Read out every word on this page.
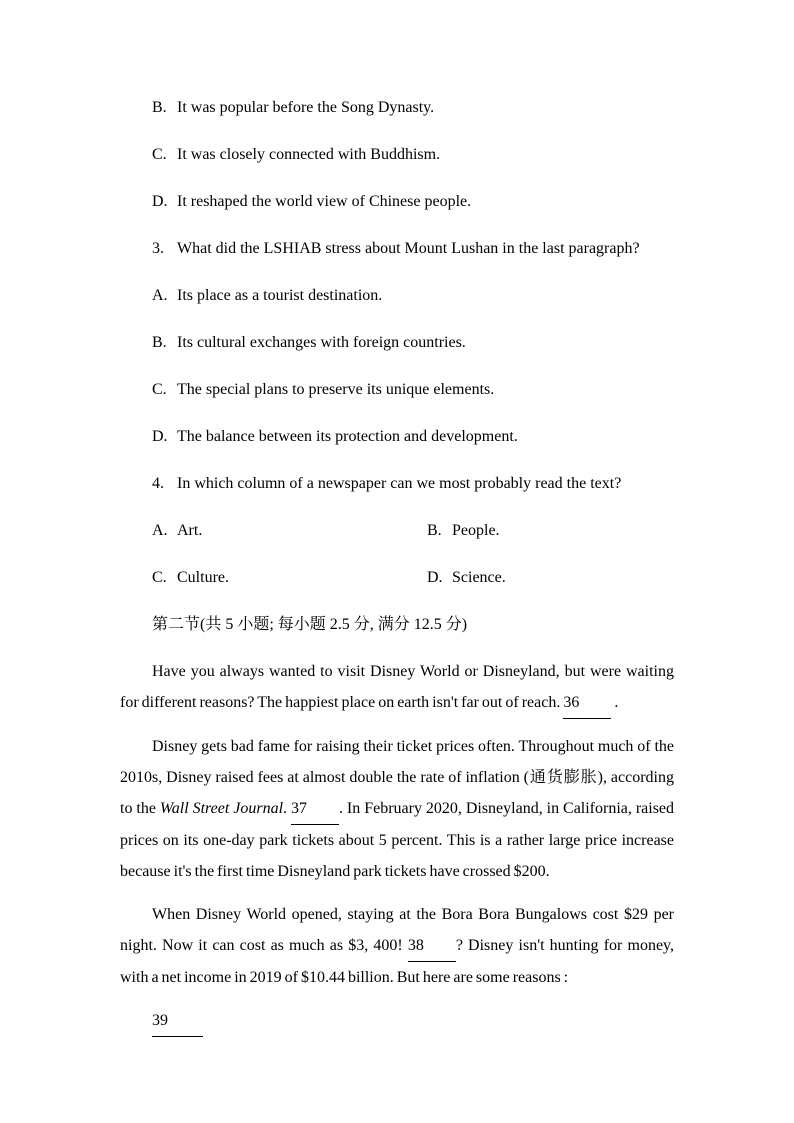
B. It was popular before the Song Dynasty.
C. It was closely connected with Buddhism.
D. It reshaped the world view of Chinese people.
3. What did the LSHIAB stress about Mount Lushan in the last paragraph?
A. Its place as a tourist destination.
B. Its cultural exchanges with foreign countries.
C. The special plans to preserve its unique elements.
D. The balance between its protection and development.
4. In which column of a newspaper can we most probably read the text?
A. Art.	B. People.
C. Culture.	D. Science.
第二节(共 5 小题; 每小题 2.5 分, 满分 12.5 分)
Have you always wanted to visit Disney World or Disneyland, but were waiting
for different reasons? The happiest place on earth isn't far out of reach. 36 .
Disney gets bad fame for raising their ticket prices often. Throughout much of the
2010s, Disney raised fees at almost double the rate of inflation (通货膨胀), according
to the Wall Street Journal. 37 . In February 2020, Disneyland, in California, raised
prices on its one-day park tickets about 5 percent. This is a rather large price increase
because it's the first time Disneyland park tickets have crossed $200.
When Disney World opened, staying at the Bora Bora Bungalows cost $29 per
night. Now it can cost as much as $3, 400! 38 ? Disney isn't hunting for money,
with a net income in 2019 of $10.44 billion. But here are some reasons :
39
